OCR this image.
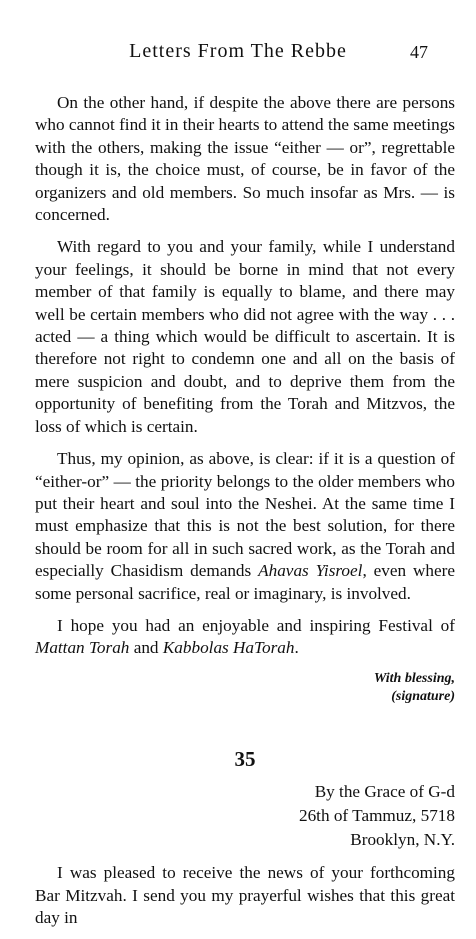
Letters From The Rebbe	47

On the other hand, if despite the above there are persons who cannot find it in their hearts to attend the same meetings with the others, making the issue “either — or”, regrettable though it is, the choice must, of course, be in favor of the organizers and old members. So much insofar as Mrs. — is concerned.

With regard to you and your family, while I understand your feelings, it should be borne in mind that not every member of that family is equally to blame, and there may well be certain members who did not agree with the way . . . acted — a thing which would be difficult to ascertain. It is therefore not right to condemn one and all on the basis of mere suspicion and doubt, and to deprive them from the opportunity of benefiting from the Torah and Mitzvos, the loss of which is certain.

Thus, my opinion, as above, is clear: if it is a question of “either-or” — the priority belongs to the older members who put their heart and soul into the Neshei. At the same time I must emphasize that this is not the best solution, for there should be room for all in such sacred work, as the Torah and especially Chasidism demands Ahavas Yisroel, even where some personal sacrifice, real or imaginary, is involved.

I hope you had an enjoyable and inspiring Festival of Mattan Torah and Kabbolas HaTorah.

With blessing,
(signature)
35
By the Grace of G-d
26th of Tammuz, 5718
Brooklyn, N.Y.

I was pleased to receive the news of your forthcoming Bar Mitzvah. I send you my prayerful wishes that this great day in
